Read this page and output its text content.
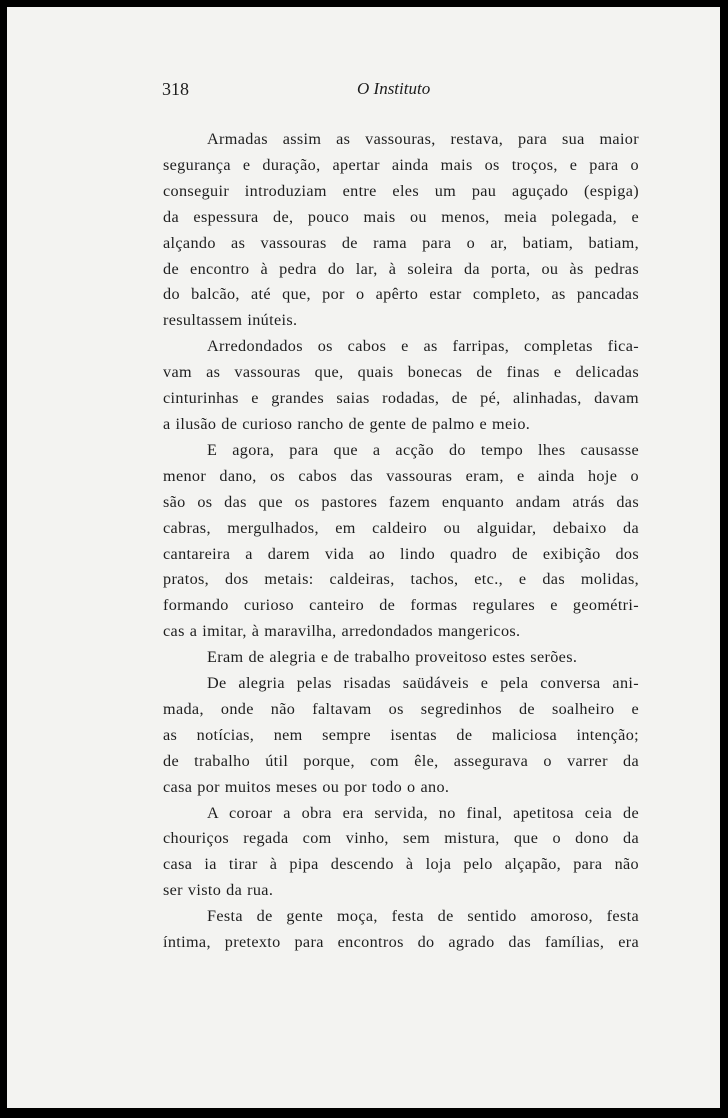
318	O Instituto
Armadas assim as vassouras, restava, para sua maior
segurança e duração, apertar ainda mais os troços, e para o
conseguir introduziam entre eles um pau aguçado (espiga)
da espessura de, pouco mais ou menos, meia polegada, e
alçando as vassouras de rama para o ar, batiam, batiam,
de encontro à pedra do lar, à soleira da porta, ou às pedras
do balcão, até que, por o apêrto estar completo, as pancadas
resultassem inúteis.
Arredondados os cabos e as farripas, completas fica-
vam as vassouras que, quais bonecas de finas e delicadas
cinturinhas e grandes saias rodadas, de pé, alinhadas, davam
a ilusão de curioso rancho de gente de palmo e meio.
E agora, para que a acção do tempo lhes causasse
menor dano, os cabos das vassouras eram, e ainda hoje o
são os das que os pastores fazem enquanto andam atrás das
cabras, mergulhados, em caldeiro ou alguidar, debaixo da
cantareira a darem vida ao lindo quadro de exibição dos
pratos, dos metais: caldeiras, tachos, etc., e das molidas,
formando curioso canteiro de formas regulares e geométri-
cas a imitar, à maravilha, arredondados mangericos.
Eram de alegria e de trabalho proveitoso estes serões.
De alegria pelas risadas saüdáveis e pela conversa ani-
mada, onde não faltavam os segredinhos de soalheiro e
as notícias, nem sempre isentas de maliciosa intenção;
de trabalho útil porque, com êle, assegurava o varrer da
casa por muitos meses ou por todo o ano.
A coroar a obra era servida, no final, apetitosa ceia de
chouriços regada com vinho, sem mistura, que o dono da
casa ia tirar à pipa descendo à loja pelo alçapão, para não
ser visto da rua.
Festa de gente moça, festa de sentido amoroso, festa
íntima, pretexto para encontros do agrado das famílias, era
